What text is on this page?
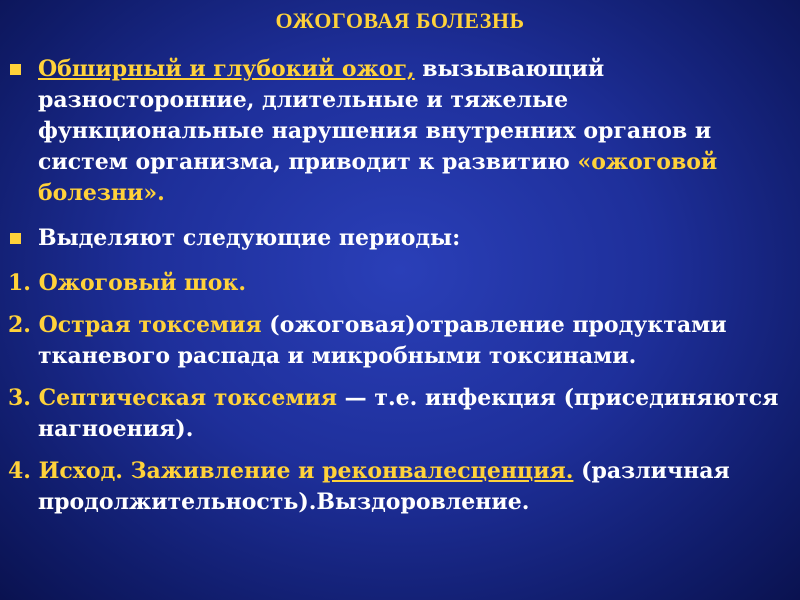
ОЖОГОВАЯ БОЛЕЗНЬ
Обширный и глубокий ожог, вызывающий разносторонние, длительные и тяжелые функциональные нарушения внутренних органов и систем организма, приводит к развитию «ожоговой болезни».
Выделяют следующие периоды:
1. Ожоговый шок.
2. Острая токсемия (ожоговая)отравление продуктами тканевого распада и микробными токсинами.
3. Септическая токсемия — т.е. инфекция (присединяются нагноения).
4. Исход. Заживление и реконвалесценция. (различная продолжительность).Выздоровление.
